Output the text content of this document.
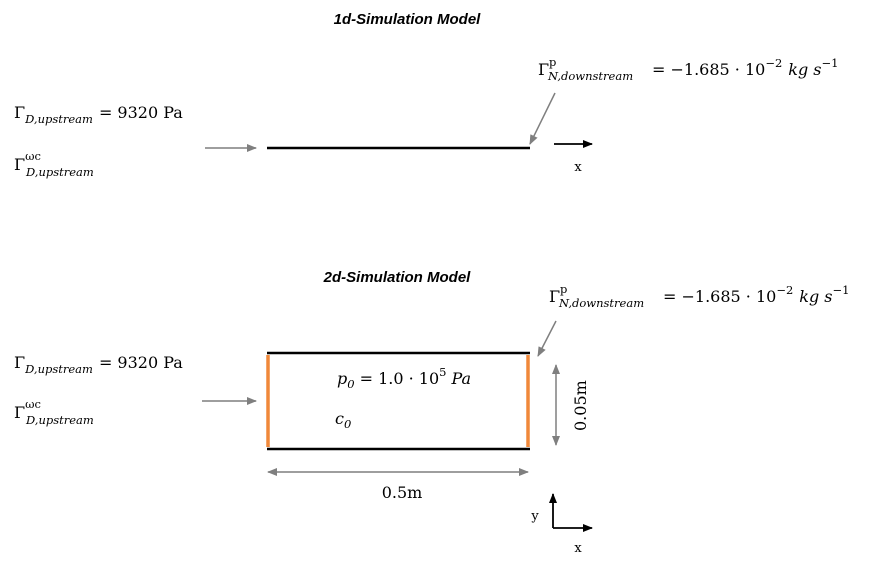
1d-Simulation Model
$\Gamma_{D,upstream} = 9320$ Pa
$\Gamma^{\omega c}$
D,upstream
Γ p
N,downstream = $-1.685 \cdot 10^{-2}$ kg $s^{-1}$
x
2d-Simulation Model
$\Gamma_{D,upstream} = 9320$ Pa
$\Gamma^{\omega c}$
D,upstream
$p_0 = 1.0 \cdot 10^5$ Pa
$c_0$
Γ p
N,downstream = $-1.685 \cdot 10^{-2}$ kg $s^{-1}$
0.05m
0.5m
y
x
